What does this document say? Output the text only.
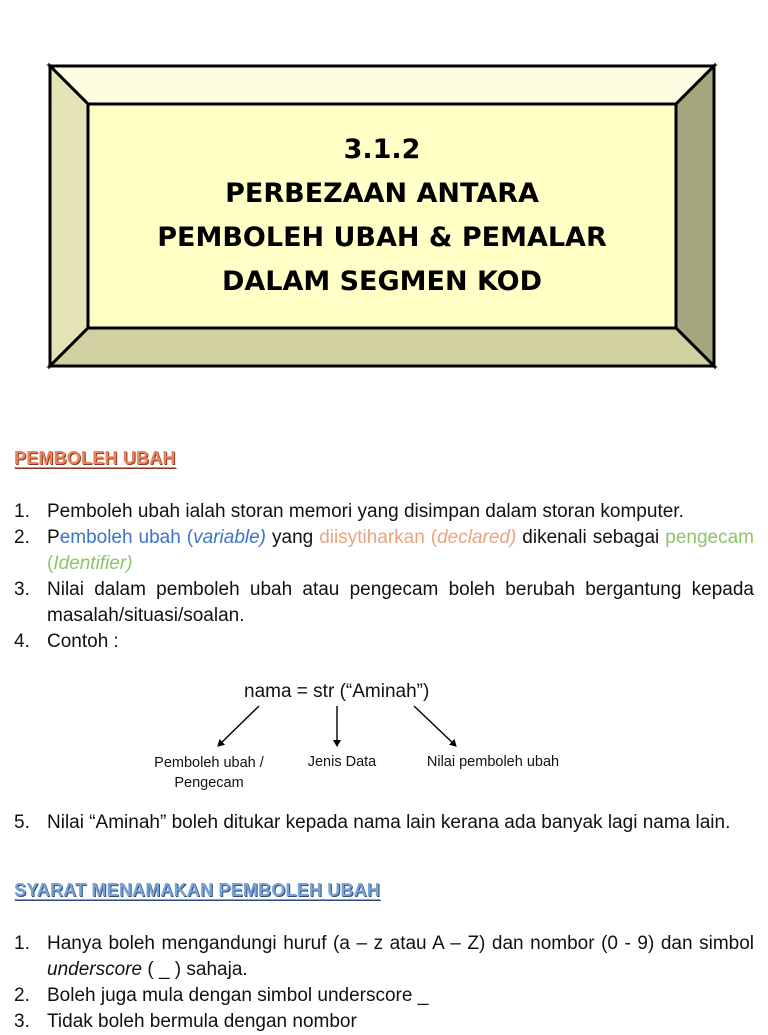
3.1.2
PERBEZAAN ANTARA
PEMBOLEH UBAH & PEMALAR
DALAM SEGMEN KOD
PEMBOLEH UBAH
1. Pemboleh ubah ialah storan memori yang disimpan dalam storan komputer.
2. Pemboleh ubah (variable) yang diisytiharkan (declared) dikenali sebagai pengecam (Identifier)
3. Nilai dalam pemboleh ubah atau pengecam boleh berubah bergantung kepada masalah/situasi/soalan.
4. Contoh :
nama = str (“Aminah”)
Pemboleh ubah /
Pengecam
Jenis Data	Nilai pemboleh ubah
5. Nilai “Aminah” boleh ditukar kepada nama lain kerana ada banyak lagi nama lain.
SYARAT MENAMAKAN PEMBOLEH UBAH
1. Hanya boleh mengandungi huruf (a – z atau A – Z) dan nombor (0 - 9) dan simbol underscore ( _ ) sahaja.
2. Boleh juga mula dengan simbol underscore _
3. Tidak boleh bermula dengan nombor
